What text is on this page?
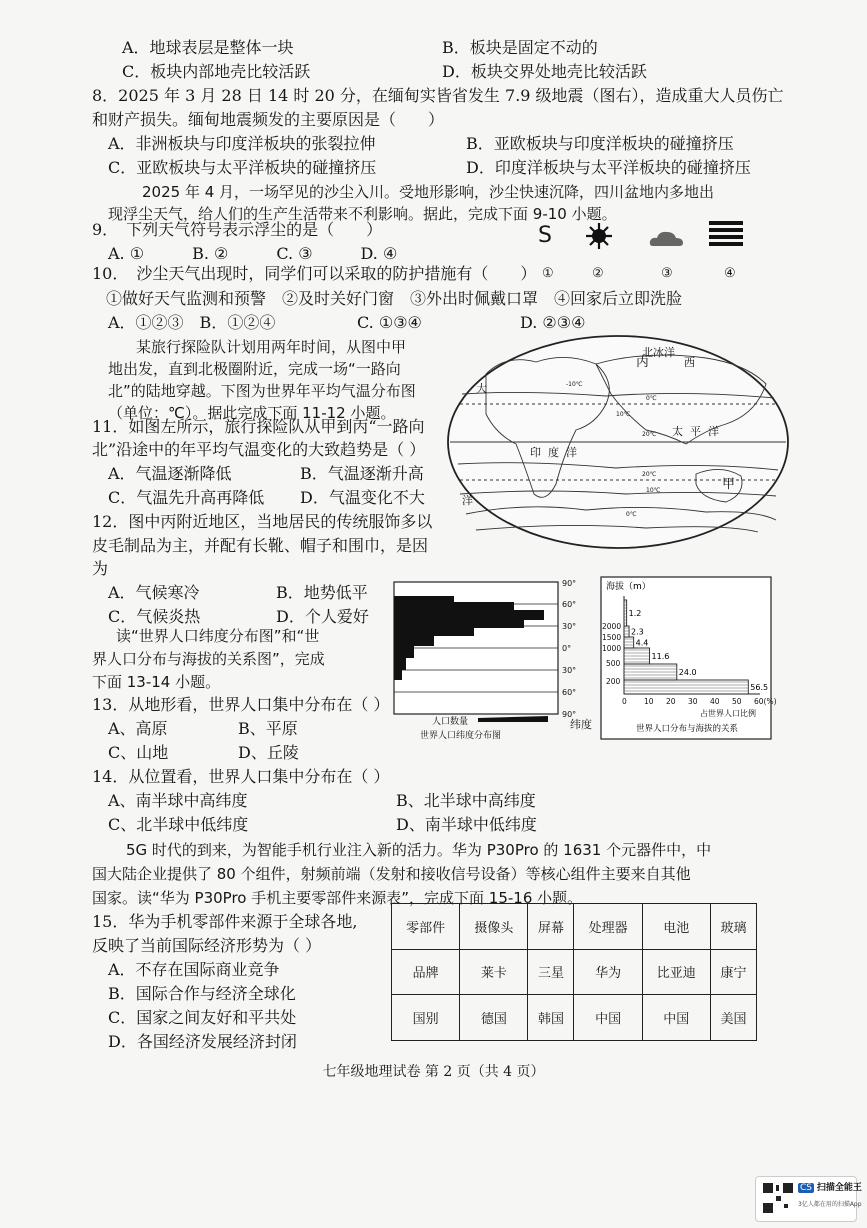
A．地球表层是整体一块	B．板块是固定不动的
C．板块内部地壳比较活跃	D．板块交界处地壳比较活跃
8．2025 年 3 月 28 日 14 时 20 分，在缅甸实皆省发生 7.9 级地震（图右），造成重大人员伤亡
和财产损失。缅甸地震频发的主要原因是（　　）
A．非洲板块与印度洋板块的张裂拉伸	B．亚欧板块与印度洋板块的碰撞挤压
C．亚欧板块与太平洋板块的碰撞挤压	D．印度洋板块与太平洋板块的碰撞挤压
2025 年 4 月，一场罕见的沙尘入川。受地形影响，沙尘快速沉降，四川盆地内多地出
现浮尘天气，给人们的生产生活带来不利影响。据此，完成下面 9-10 小题。
9．　下列天气符号表示浮尘的是（　　）
A. ①　　　B. ②　　　C. ③　　　D. ④
S
①	②	③	④
10．　沙尘天气出现时，同学们可以采取的防护措施有（　　）
①做好天气监测和预警　②及时关好门窗　③外出时佩戴口罩　④回家后立即洗脸
A．①②③　B．①②④	C. ①③④	D. ②③④
某旅行探险队计划用两年时间，从图中甲
地出发，直到北极圈附近，完成一场“一路向
北”的陆地穿越。下图为世界年平均气温分布图
（单位：℃）。据此完成下面 11-12 小题。
北冰洋
丙	西
大
太 平 洋
印 度 洋
甲
洋
-10℃
0℃
10℃
20℃
20℃
10℃
0℃
11．如图左所示，旅行探险队从甲到丙“一路向
北”沿途中的年平均气温变化的大致趋势是（ ）
A．气温逐渐降低	B．气温逐渐升高
C．气温先升高再降低 D．气温变化不大
12．图中丙附近地区，当地居民的传统服饰多以
皮毛制品为主，并配有长靴、帽子和围巾，是因
为
A．气候寒冷	B．地势低平
C．气候炎热	D．个人爱好
读“世界人口纬度分布图”和“世
界人口分布与海拔的关系图”，完成
下面 13-14 小题。
90°
60°
30°
0°
30°
60°
90°
人口数量	纬度
世界人口纬度分布图
海拔（m）
1.2
2.3
4.4
11.6
24.0
56.5
2000
1500
1000
500
200
0 10 20 30 40 50 60(%)
占世界人口比例
世界人口分布与海拔的关系
13．从地形看，世界人口集中分布在（ ）
A、高原	B、平原
C、山地	D、丘陵
14．从位置看，世界人口集中分布在（ ）
A、南半球中高纬度	B、北半球中高纬度
C、北半球中低纬度	D、南半球中低纬度
5G 时代的到来，为智能手机行业注入新的活力。华为 P30Pro 的 1631 个元器件中，中
国大陆企业提供了 80 个组件，射频前端（发射和接收信号设备）等核心组件主要来自其他
国家。读“华为 P30Pro 手机主要零部件来源表”，完成下面 15-16 小题。
15．华为手机零部件来源于全球各地,
反映了当前国际经济形势为（ ）
A．不存在国际商业竞争
B．国际合作与经济全球化
C．国家之间友好和平共处
D．各国经济发展经济封闭
零部件	摄像头	屏幕	处理器	电池	玻璃
品牌	莱卡	三星	华为	比亚迪	康宁
国别	德国	韩国	中国	中国	美国
七年级地理试卷 第 2 页（共 4 页）
CS 扫描全能王
3亿人都在用的扫描App
